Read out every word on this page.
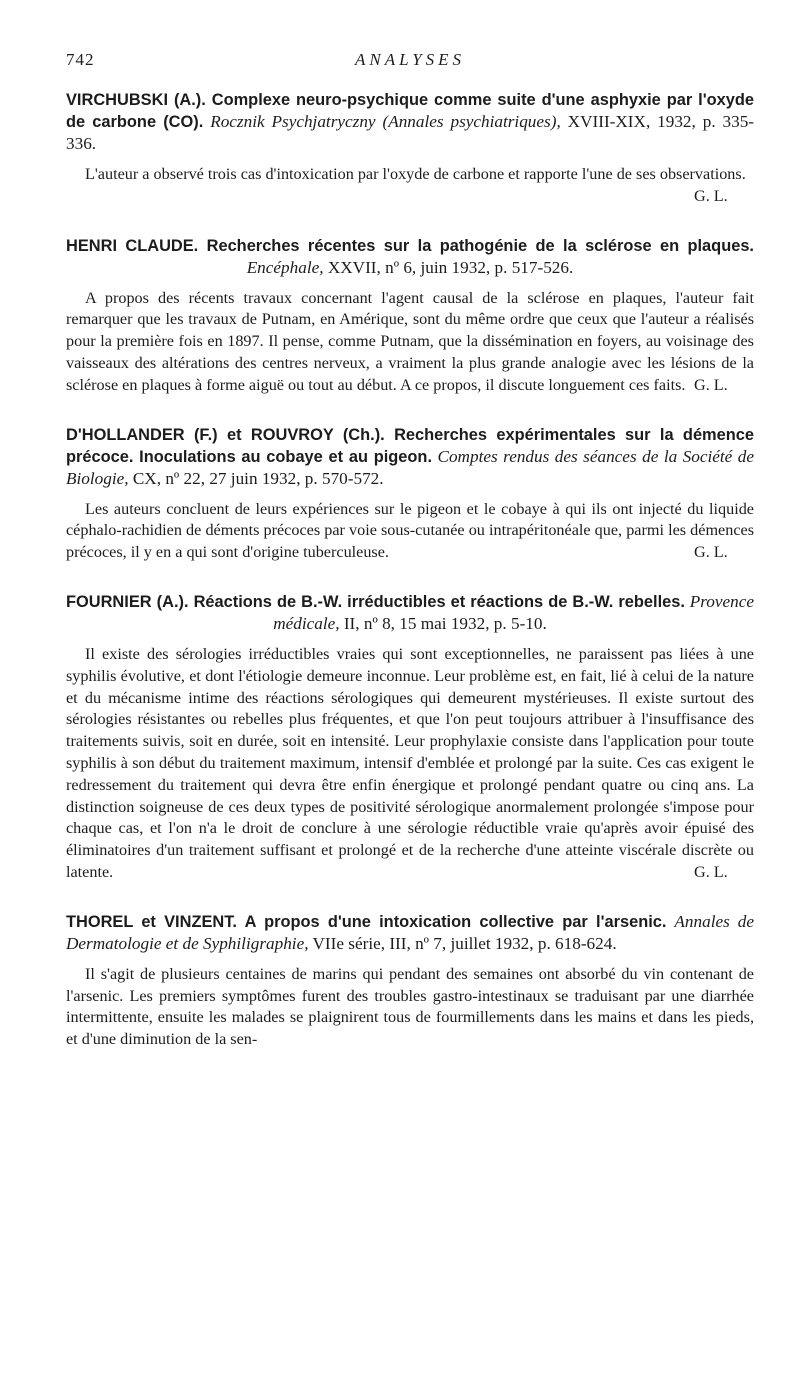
742	ANALYSES
VIRCHUBSKI (A.). Complexe neuro-psychique comme suite d'une asphyxie par l'oxyde de carbone (CO). Rocznik Psychjatryczny (Annales psychiatriques), XVIII-XIX, 1932, p. 335-336.
L'auteur a observé trois cas d'intoxication par l'oxyde de carbone et rapporte l'une de ses observations.
G. L.
HENRI CLAUDE. Recherches récentes sur la pathogénie de la sclérose en plaques. Encéphale, XXVII, nº 6, juin 1932, p. 517-526.
A propos des récents travaux concernant l'agent causal de la sclérose en plaques, l'auteur fait remarquer que les travaux de Putnam, en Amérique, sont du même ordre que ceux que l'auteur a réalisés pour la première fois en 1897. Il pense, comme Putnam, que la dissémination en foyers, au voisinage des vaisseaux des altérations des centres nerveux, a vraiment la plus grande analogie avec les lésions de la sclérose en plaques à forme aiguë ou tout au début. A ce propos, il discute longuement ces faits. G. L.
D'HOLLANDER (F.) et ROUVROY (Ch.). Recherches expérimentales sur la démence précoce. Inoculations au cobaye et au pigeon. Comptes rendus des séances de la Société de Biologie, CX, nº 22, 27 juin 1932, p. 570-572.
Les auteurs concluent de leurs expériences sur le pigeon et le cobaye à qui ils ont injecté du liquide céphalo-rachidien de déments précoces par voie sous-cutanée ou intrapéritonéale que, parmi les démences précoces, il y en a qui sont d'origine tuberculeuse.	G. L.
FOURNIER (A.). Réactions de B.-W. irréductibles et réactions de B.-W. rebelles. Provence médicale, II, nº 8, 15 mai 1932, p. 5-10.
Il existe des sérologies irréductibles vraies qui sont exceptionnelles, ne paraissent pas liées à une syphilis évolutive, et dont l'étiologie demeure inconnue. Leur problème est, en fait, lié à celui de la nature et du mécanisme intime des réactions sérologiques qui demeurent mystérieuses. Il existe surtout des sérologies résistantes ou rebelles plus fréquentes, et que l'on peut toujours attribuer à l'insuffisance des traitements suivis, soit en durée, soit en intensité. Leur prophylaxie consiste dans l'application pour toute syphilis à son début du traitement maximum, intensif d'emblée et prolongé par la suite. Ces cas exigent le redressement du traitement qui devra être enfin énergique et prolongé pendant quatre ou cinq ans. La distinction soigneuse de ces deux types de positivité sérologique anormalement prolongée s'impose pour chaque cas, et l'on n'a le droit de conclure à une sérologie réductible vraie qu'après avoir épuisé des éliminatoires d'un traitement suffisant et prolongé et de la recherche d'une atteinte viscérale discrète ou latente.	G. L.
THOREL et VINZENT. A propos d'une intoxication collective par l'arsenic. Annales de Dermatologie et de Syphiligraphie, VIIe série, III, nº 7, juillet 1932, p. 618-624.
Il s'agit de plusieurs centaines de marins qui pendant des semaines ont absorbé du vin contenant de l'arsenic. Les premiers symptômes furent des troubles gastro-intestinaux se traduisant par une diarrhée intermittente, ensuite les malades se plaignirent tous de fourmillements dans les mains et dans les pieds, et d'une diminution de la sen-
